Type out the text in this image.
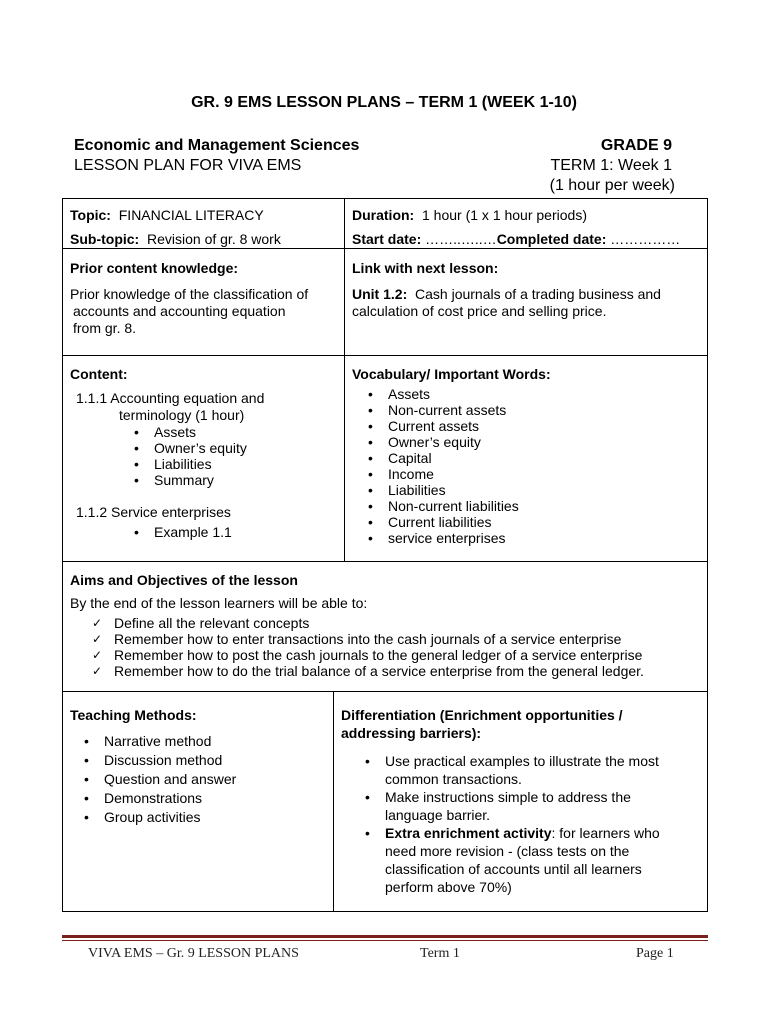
GR. 9 EMS LESSON PLANS – TERM 1 (WEEK 1-10)
Economic and Management Sciences
LESSON PLAN FOR VIVA EMS
GRADE 9
TERM 1: Week 1
(1 hour per week)
Topic: FINANCIAL LITERACY
Sub-topic: Revision of gr. 8 work
Duration: 1 hour (1 x 1 hour periods)
Start date: ……..…..…Completed date: ……………
Prior content knowledge:
Prior knowledge of the classification of
accounts and accounting equation
from gr. 8.
Link with next lesson:
Unit 1.2: Cash journals of a trading business and
calculation of cost price and selling price.
Content:
1.1.1 Accounting equation and
terminology (1 hour)
• Assets
• Owner’s equity
• Liabilities
• Summary
1.1.2 Service enterprises
• Example 1.1
Vocabulary/ Important Words:
• Assets
• Non-current assets
• Current assets
• Owner’s equity
• Capital
• Income
• Liabilities
• Non-current liabilities
• Current liabilities
• service enterprises
Aims and Objectives of the lesson
By the end of the lesson learners will be able to:
✓ Define all the relevant concepts
✓ Remember how to enter transactions into the cash journals of a service enterprise
✓ Remember how to post the cash journals to the general ledger of a service enterprise
✓ Remember how to do the trial balance of a service enterprise from the general ledger.
Teaching Methods:
• Narrative method
• Discussion method
• Question and answer
• Demonstrations
• Group activities
Differentiation (Enrichment opportunities /
addressing barriers):
• Use practical examples to illustrate the most
common transactions.
• Make instructions simple to address the
language barrier.
• Extra enrichment activity: for learners who
need more revision - (class tests on the
classification of accounts until all learners
perform above 70%)
VIVA EMS – Gr. 9 LESSON PLANS	Term 1	Page 1
